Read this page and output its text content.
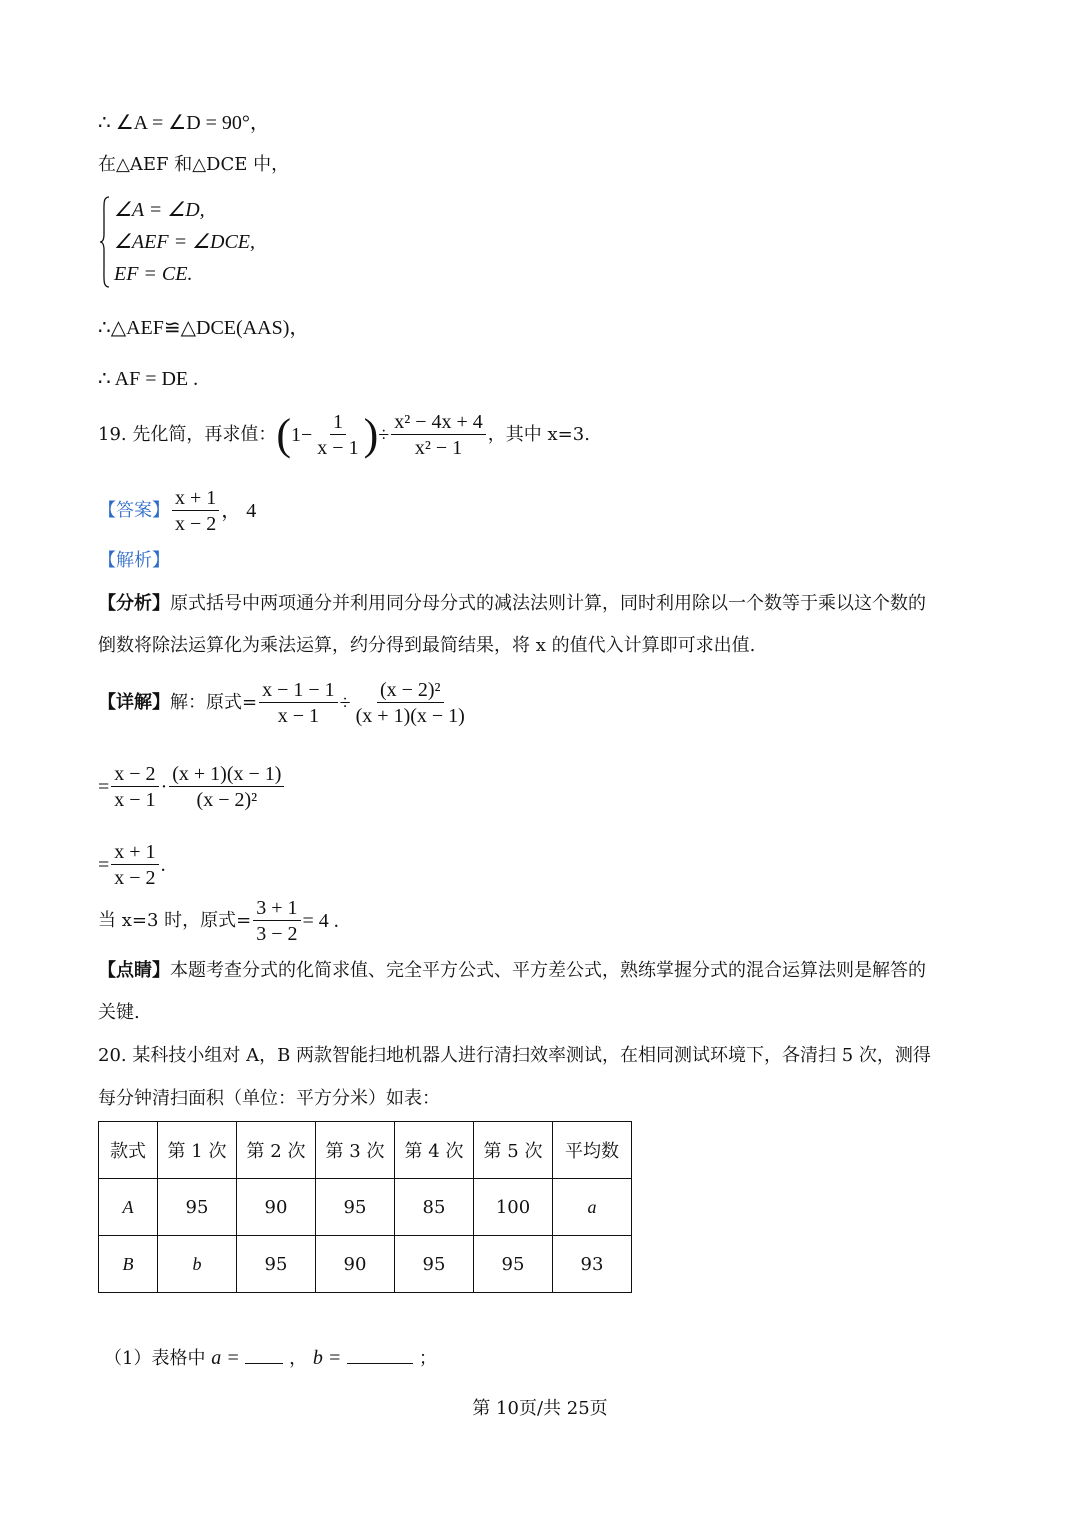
∴ ∠A = ∠D = 90°，
在△AEF 和△DCE 中，
∠A = ∠D,
∠AEF = ∠DCE,
EF = CE.
∴△AEF≌△DCE(AAS)，
∴ AF = DE .
19. 先化简，再求值： ( $1- \frac{1}{x - 1}$ ) ÷ $\frac{\text{x² − 4x + 4}}{\text{x² − 1}}$ ，其中 x=3.
【答案】 $\frac{x + 1}{x - 2}$ ， 4
【解析】
【分析】原式括号中两项通分并利用同分母分式的减法法则计算，同时利用除以一个数等于乘以这个数的
倒数将除法运算化为乘法运算，约分得到最简结果，将 x 的值代入计算即可求出值.
【详解】 解：原式= $\frac{x - 1 - 1}{x - 1} \div \frac{\text{(x − 2)²}}{(x + 1)(x - 1)}$
= $\frac{x - 2}{x - 1} \cdot \frac{(x + 1)(x - 1)}{\text{(x − 2)²}}$
= $\frac{x + 1}{x - 2}$ .
当 x=3 时，原式= $\frac{3 + 1}{3 - 2} = 4$ .
【点睛】本题考查分式的化简求值、完全平方公式、平方差公式，熟练掌握分式的混合运算法则是解答的
关键.
20. 某科技小组对 A，B 两款智能扫地机器人进行清扫效率测试，在相同测试环境下，各清扫 5 次，测得
每分钟清扫面积（单位：平方分米）如表：
款式	第 1 次	第 2 次	第 3 次	第 4 次	第 5 次	平均数
A	95	90	95	85	100	a
B	b	95	90	95	95	93
（1）表格中 a =	， b =	；
第 10页/共 25页
